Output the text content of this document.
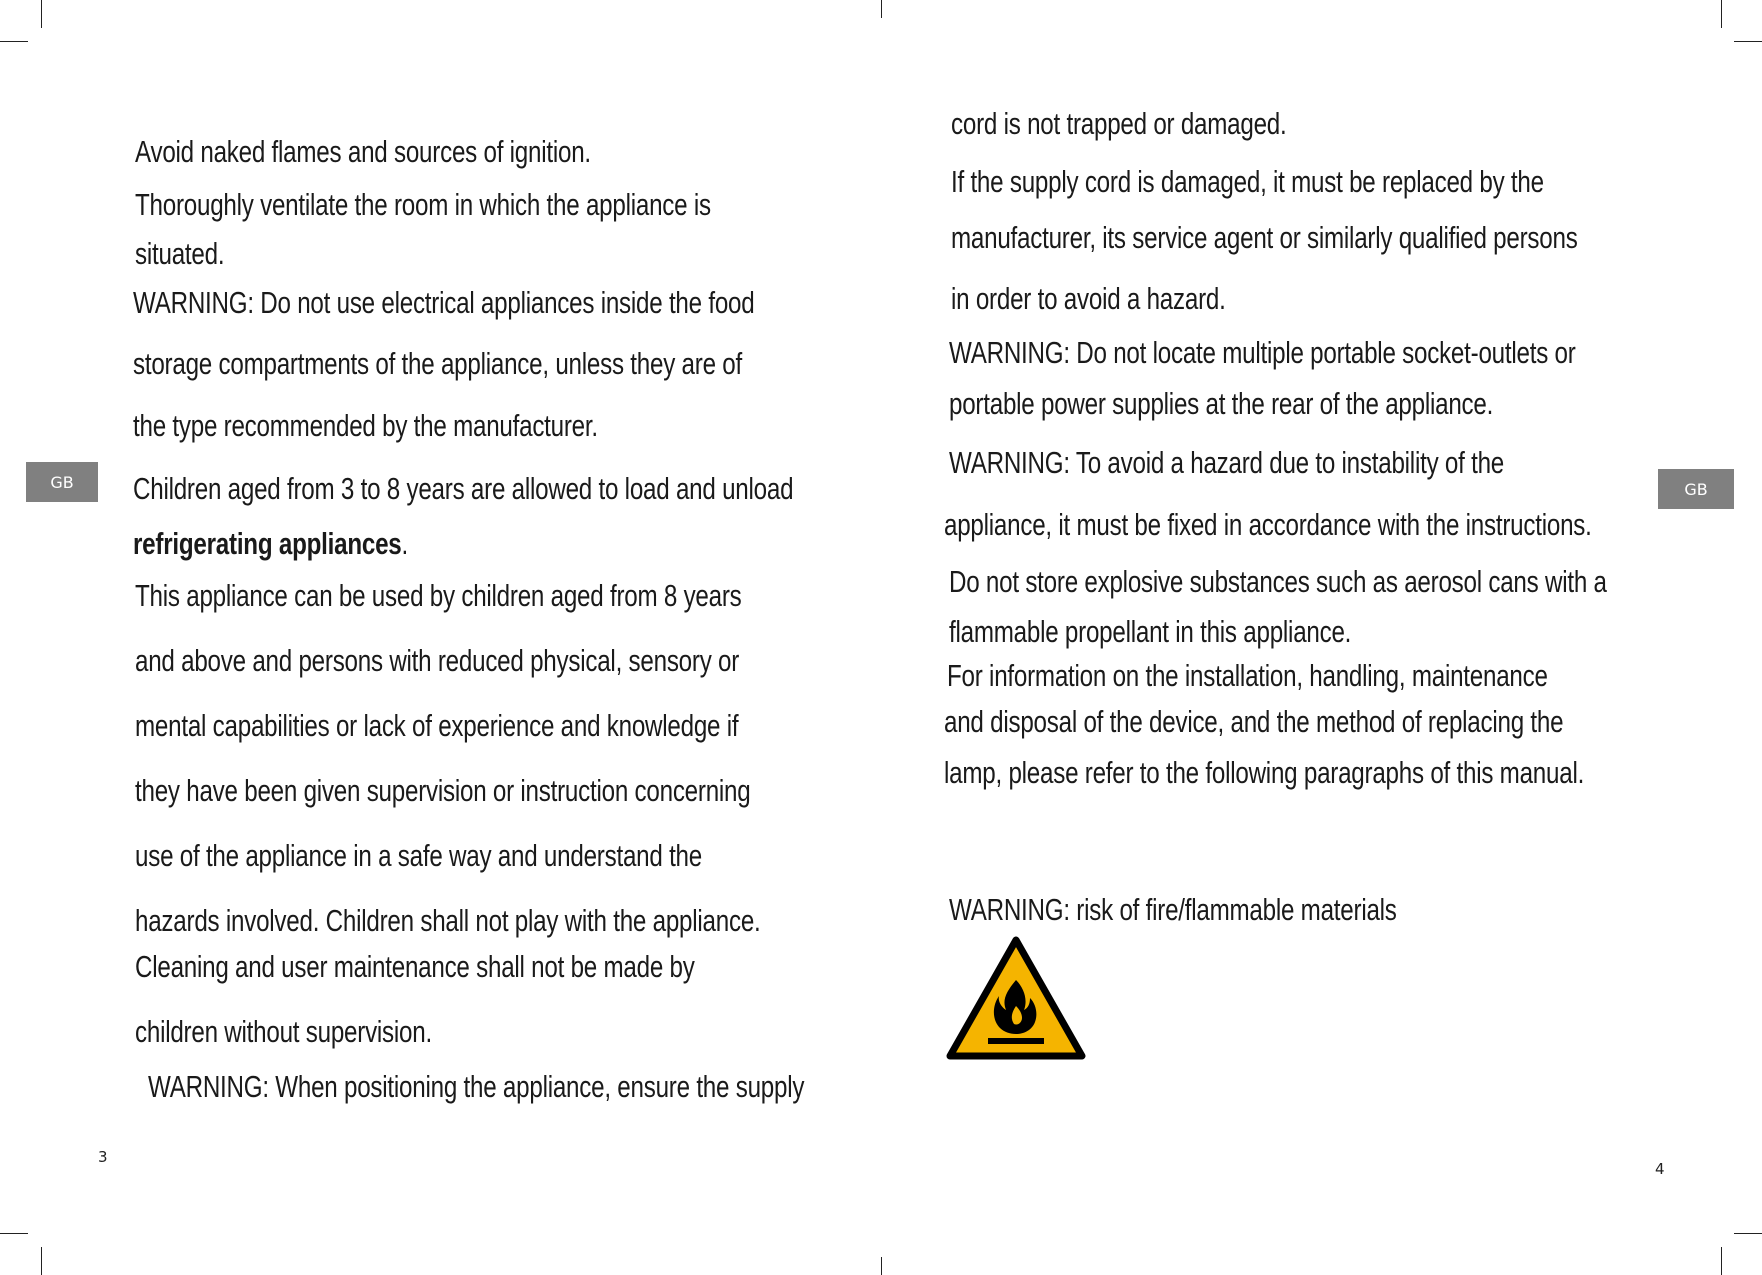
GB
Avoid naked flames and sources of ignition.
Thoroughly ventilate the room in which the appliance is
situated.
WARNING: Do not use electrical appliances inside the food
storage compartments of the appliance, unless they are of
the type recommended by the manufacturer.
Children aged from 3 to 8 years are allowed to load and unload
refrigerating appliances.
This appliance can be used by children aged from 8 years
and above and persons with reduced physical, sensory or
mental capabilities or lack of experience and knowledge if
they have been given supervision or instruction concerning
use of the appliance in a safe way and understand the
hazards involved. Children shall not play with the appliance.
Cleaning and user maintenance shall not be made by
children without supervision.
WARNING: When positioning the appliance, ensure the supply
3
GB
cord is not trapped or damaged.
If the supply cord is damaged, it must be replaced by the
manufacturer, its service agent or similarly qualified persons
in order to avoid a hazard.
WARNING: Do not locate multiple portable socket-outlets or
portable power supplies at the rear of the appliance.
WARNING: To avoid a hazard due to instability of the
appliance, it must be fixed in accordance with the instructions.
Do not store explosive substances such as aerosol cans with a
flammable propellant in this appliance.
For information on the installation, handling, maintenance
and disposal of the device, and the method of replacing the
lamp, please refer to the following paragraphs of this manual.
WARNING: risk of fire/flammable materials
4
